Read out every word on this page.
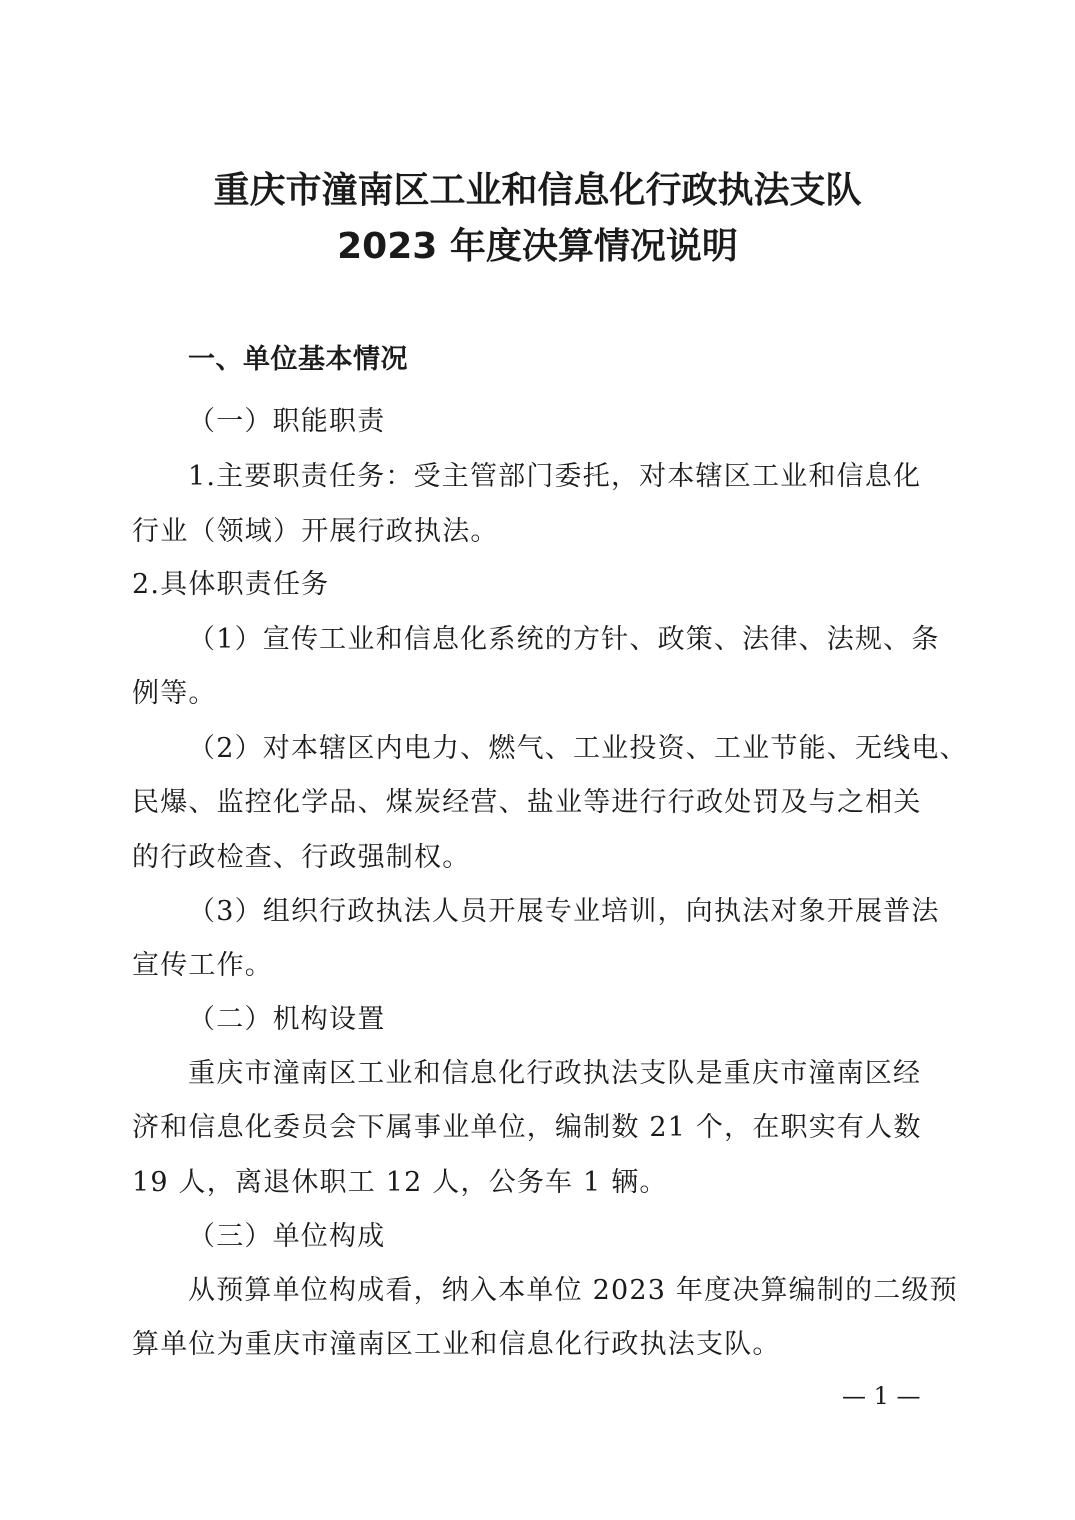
重庆市潼南区工业和信息化行政执法支队
2023 年度决算情况说明
一、单位基本情况
（一）职能职责
1.主要职责任务：受主管部门委托，对本辖区工业和信息化
行业（领域）开展行政执法。
2.具体职责任务
（1）宣传工业和信息化系统的方针、政策、法律、法规、条
例等。
（2）对本辖区内电力、燃气、工业投资、工业节能、无线电、
民爆、监控化学品、煤炭经营、盐业等进行行政处罚及与之相关
的行政检查、行政强制权。
（3）组织行政执法人员开展专业培训，向执法对象开展普法
宣传工作。
（二）机构设置
重庆市潼南区工业和信息化行政执法支队是重庆市潼南区经
济和信息化委员会下属事业单位，编制数 21 个，在职实有人数
19 人，离退休职工 12 人，公务车 1 辆。
（三）单位构成
从预算单位构成看，纳入本单位 2023 年度决算编制的二级预
算单位为重庆市潼南区工业和信息化行政执法支队。
— 1 —
